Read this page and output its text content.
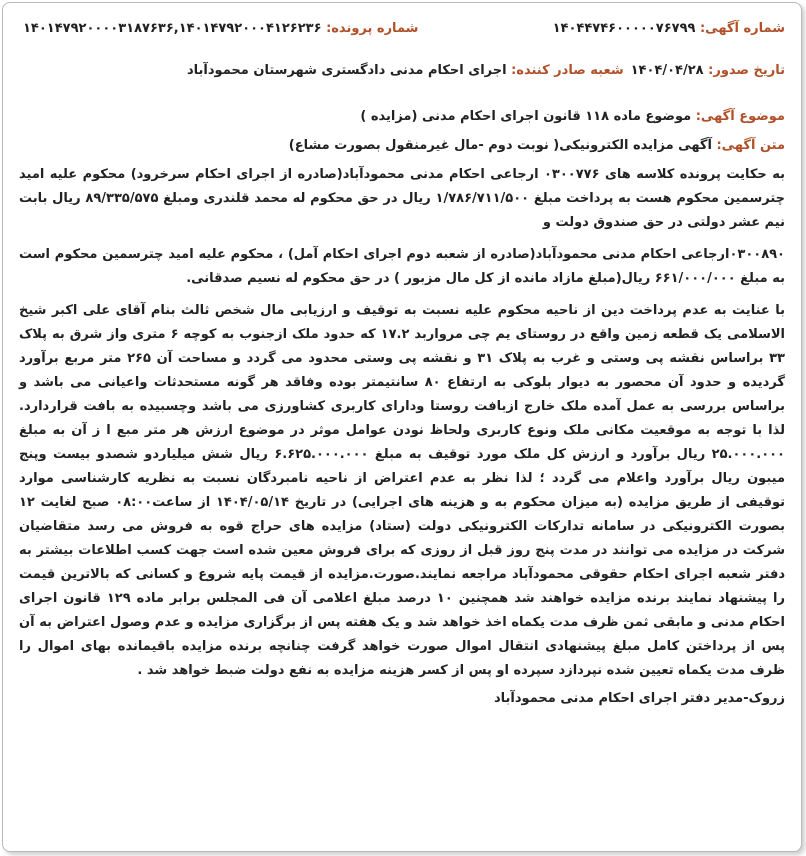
شماره آگهی: ۱۴۰۴۴۷۴۶۰۰۰۰۰۷۶۷۹۹
شماره پرونده: ۱۴۰۱۴۷۹۲۰۰۰۰۳۱۸۷۶۳۶,۱۴۰۱۴۷۹۲۰۰۰۴۱۲۶۲۳۶
تاریخ صدور: ۱۴۰۴/۰۴/۲۸
شعبه صادر کننده: اجرای احکام مدنی دادگستری شهرستان محمودآباد
موضوع آگهی: موضوع ماده ۱۱۸ قانون اجرای احکام مدنی (مزایده )
متن آگهی: آگهی مزایده الکترونیکی( نوبت دوم -مال غیرمنقول بصورت مشاع)

به حکایت پرونده کلاسه های ۰۳۰۰۷۷۶ ارجاعی احکام مدنی محمودآباد(صادره از اجرای احکام سرخرود) محکوم علیه امید چترسمین محکوم هست به پرداخت مبلغ ۱/۷۸۶/۷۱۱/۵۰۰ ریال در حق محکوم له محمد قلندری ومبلغ ۸۹/۳۳۵/۵۷۵ ریال بابت نیم عشر دولتی در حق صندوق دولت و

۰۳۰۰۸۹۰ارجاعی احکام مدنی محمودآباد(صادره از شعبه دوم اجرای احکام آمل) ، محکوم علیه امید چترسمین محکوم است به مبلغ ۶۶۱/۰۰۰/۰۰۰ ریال(مبلغ مازاد مانده از کل مال مزبور ) در حق محکوم له نسیم صدقانی.

با عنایت به عدم پرداخت دین از ناحیه محکوم علیه نسبت به توقیف و ارزیابی مال شخص ثالث بنام آقای علی اکبر شیخ الاسلامی یک قطعه زمین واقع در روستای یم چی مرواربد ۱۷.۲ که حدود ملک ازجنوب به کوچه ۶ متری واز شرق به پلاک ۳۳ براساس نقشه پی وستی و غرب به پلاک ۳۱ و نقشه پی وستی محدود می گردد و مساحت آن ۲۶۵ متر مربع برآورد گردیده و حدود آن محصور به دیوار بلوکی به ارتفاع ۸۰ سانتیمتر بوده وفاقد هر گونه مستحدثات واعیانی می باشد و براساس بررسی به عمل آمده ملک خارج ازبافت روستا ودارای کاربری کشاورزی می باشد وچسبیده به بافت قراردارد. لذا با توجه به موقعیت مکانی ملک ونوع کاربری ولحاظ نودن عوامل موثر در موضوع ارزش هر متر مبع ا ز آن به مبلغ ۲۵.۰۰۰.۰۰۰ ریال برآورد و ارزش کل ملک مورد توقیف به مبلغ ۶.۶۲۵.۰۰۰.۰۰۰ ریال شش میلیاردو شصدو بیست وپنج میبون ریال برآورد واعلام می گردد ؛ لذا نظر به عدم اعتراض از ناحیه نامبردگان نسبت به نظریه کارشناسی موارد توقیفی از طریق مزایده (به میزان محکوم به و هزینه های اجرایی) در تاریخ ۱۴۰۴/۰۵/۱۴ از ساعت۰۸:۰۰ صبح لغایت ۱۲ بصورت الکترونیکی در سامانه تدارکات الکترونیکی دولت (ستاد) مزایده های حراج قوه به فروش می رسد متقاضیان شرکت در مزایده می توانند در مدت پنج روز قبل از روزی که برای فروش معین شده است جهت کسب اطلاعات بیشتر به دفتر شعبه اجرای احکام حقوقی محمودآباد مراجعه نمایند.صورت.مزایده از قیمت پایه شروع و کسانی که بالاترین قیمت را پیشنهاد نمایند برنده مزایده خواهند شد همچنین ۱۰ درصد مبلغ اعلامی آن فی المجلس برابر ماده ۱۲۹ قانون اجرای احکام مدنی و مابقی ثمن ظرف مدت یکماه اخذ خواهد شد و یک هفته پس از برگزاری مزایده و عدم وصول اعتراض به آن پس از پرداختن کامل مبلغ پیشنهادی انتقال اموال صورت خواهد گرفت چنانچه برنده مزایده باقیمانده بهای اموال را ظرف مدت یکماه تعیین شده نپردازد سپرده او پس از کسر هزینه مزایده به نفع دولت ضبط خواهد شد .

زروک-مدیر دفتر اجرای احکام مدنی محمودآباد
